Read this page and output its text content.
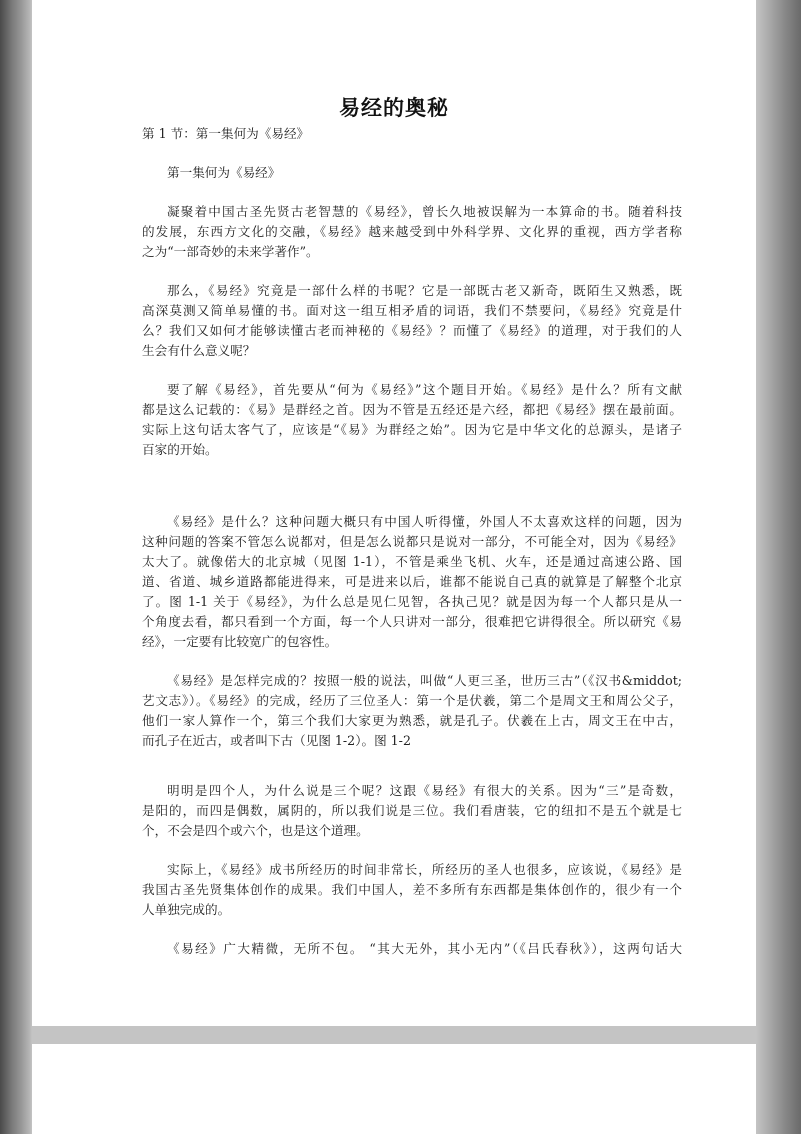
易经的奥秘
第 1 节：第一集何为《易经》
第一集何为《易经》
凝聚着中国古圣先贤古老智慧的《易经》，曾长久地被误解为一本算命的书。随着科技
的发展，东西方文化的交融，《易经》越来越受到中外科学界、文化界的重视，西方学者称
之为“一部奇妙的未来学著作”。
那么，《易经》究竟是一部什么样的书呢？它是一部既古老又新奇，既陌生又熟悉，既
高深莫测又简单易懂的书。面对这一组互相矛盾的词语，我们不禁要问，《易经》究竟是什
么？我们又如何才能够读懂古老而神秘的《易经》？而懂了《易经》的道理，对于我们的人
生会有什么意义呢？
要了解《易经》，首先要从“何为《易经》”这个题目开始。《易经》是什么？所有文献
都是这么记载的：《易》是群经之首。因为不管是五经还是六经，都把《易经》摆在最前面。
实际上这句话太客气了，应该是“《易》为群经之始”。因为它是中华文化的总源头，是诸子
百家的开始。
《易经》是什么？这种问题大概只有中国人听得懂，外国人不太喜欢这样的问题，因为
这种问题的答案不管怎么说都对，但是怎么说都只是说对一部分，不可能全对，因为《易经》
太大了。就像偌大的北京城（见图 1-1），不管是乘坐飞机、火车，还是通过高速公路、国
道、省道、城乡道路都能进得来，可是进来以后，谁都不能说自己真的就算是了解整个北京
了。图 1-1 关于《易经》，为什么总是见仁见智，各执己见？就是因为每一个人都只是从一
个角度去看，都只看到一个方面，每一个人只讲对一部分，很难把它讲得很全。所以研究《易
经》，一定要有比较宽广的包容性。
《易经》是怎样完成的？按照一般的说法，叫做“人更三圣，世历三古”（《汉书&middot;
艺文志》）。《易经》的完成，经历了三位圣人：第一个是伏羲，第二个是周文王和周公父子，
他们一家人算作一个，第三个我们大家更为熟悉，就是孔子。伏羲在上古，周文王在中古，
而孔子在近古，或者叫下古（见图 1-2）。图 1-2
明明是四个人，为什么说是三个呢？这跟《易经》有很大的关系。因为“三”是奇数，
是阳的，而四是偶数，属阴的，所以我们说是三位。我们看唐装，它的纽扣不是五个就是七
个，不会是四个或六个，也是这个道理。
实际上，《易经》成书所经历的时间非常长，所经历的圣人也很多，应该说，《易经》是
我国古圣先贤集体创作的成果。我们中国人，差不多所有东西都是集体创作的，很少有一个
人单独完成的。
《易经》广大精微，无所不包。 “其大无外，其小无内”（《吕氏春秋》），这两句话大
